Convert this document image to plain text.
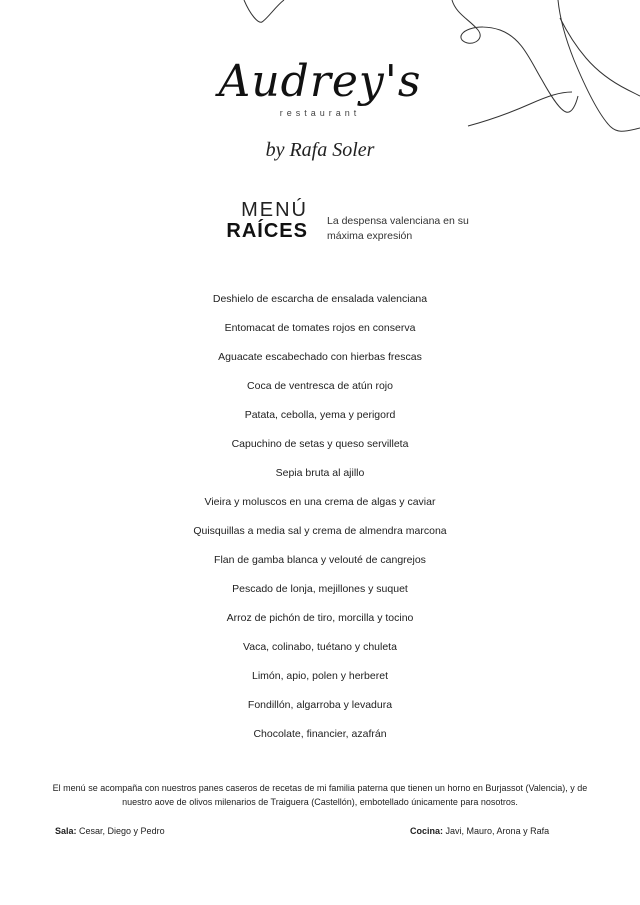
Audrey's
restaurant
by Rafa Soler
MENÚ
RAÍCES La despensa valenciana en su máxima expresión
Deshielo de escarcha de ensalada valenciana
Entomacat de tomates rojos en conserva
Aguacate escabechado con hierbas frescas
Coca de ventresca de atún rojo
Patata, cebolla, yema y perigord
Capuchino de setas y queso servilleta
Sepia bruta al ajillo
Vieira y moluscos en una crema de algas y caviar
Quisquillas a media sal y crema de almendra marcona
Flan de gamba blanca y velouté de cangrejos
Pescado de lonja, mejillones y suquet
Arroz de pichón de tiro, morcilla y tocino
Vaca, colinabo, tuétano y chuleta
Limón, apio, polen y herberet
Fondillón, algarroba y levadura
Chocolate, financier, azafrán
El menú se acompaña con nuestros panes caseros de recetas de mi familia paterna que tienen un horno en Burjassot (Valencia), y de nuestro aove de olivos milenarios de Traiguera (Castellón), embotellado únicamente para nosotros.
Sala: Cesar, Diego y Pedro	Cocina: Javi, Mauro, Arona y Rafa
